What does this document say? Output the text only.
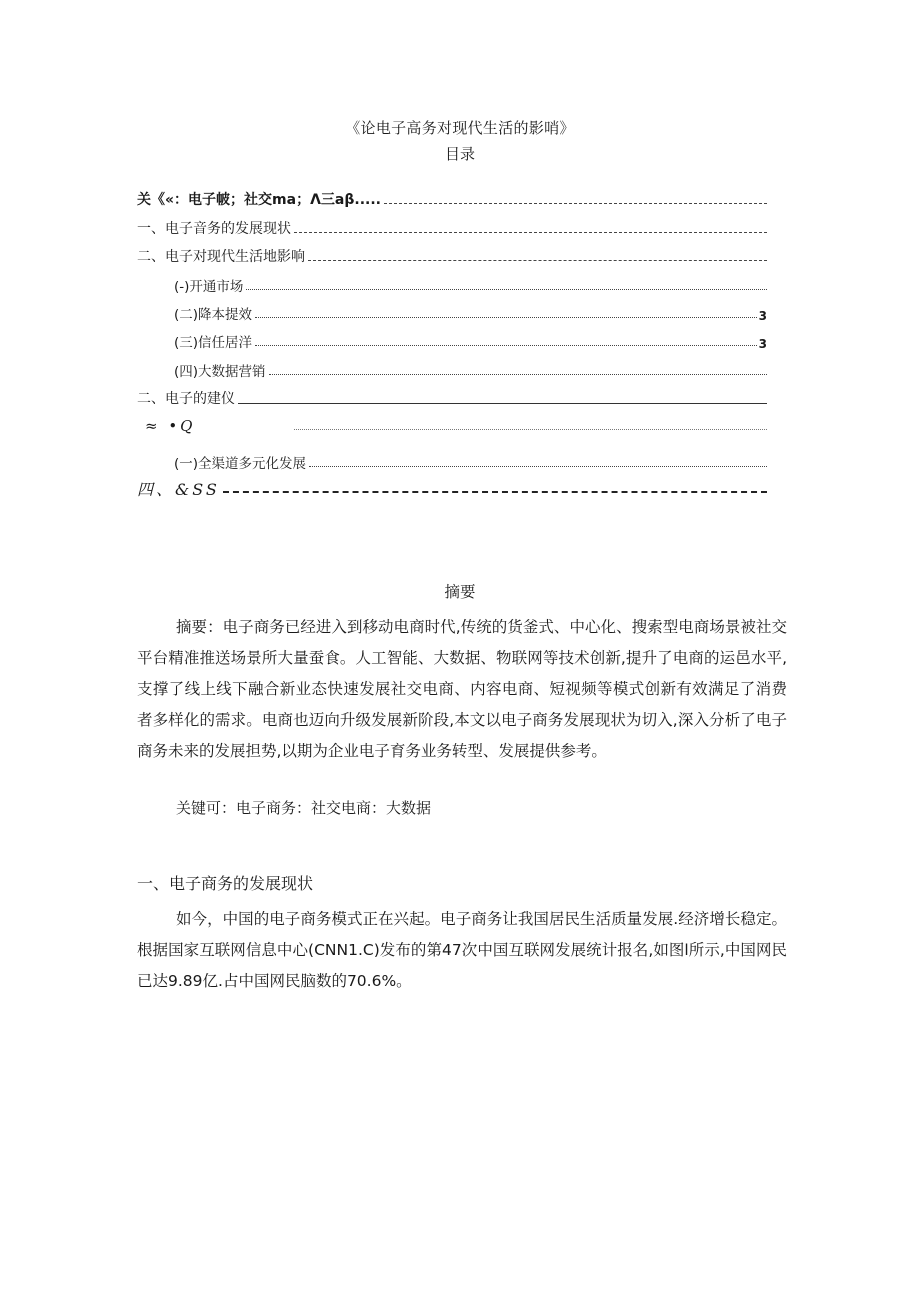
《论电子高务对现代生活的影哨》
目录
关《«：电子帔；社交ma；Λ三aβ.....
一、电子音务的发展现状
二、电子对现代生活地影响
(-)开通市场
(二)降本提效	3
(三)信任居洋	3
(四)大数据营销
二、电子的建仪
≈ •Q
(一)全渠道多元化发展
四、&SS
摘要

摘要：电子商务已经进入到移动电商时代,传统的货釜式、中心化、搜索型电商场景被社交平台精准推送场景所大量蚕食。人工智能、大数据、物联网等技术创新,提升了电商的运邑水平,支撑了线上线下融合新业态快速发展社交电商、内容电商、短视频等模式创新有效满足了消费者多样化的需求。电商也迈向升级发展新阶段,本文以电子商务发展现状为切入,深入分析了电子商务未来的发展担势,以期为企业电子育务业务转型、发展提供参考。

关键可：电子商务：社交电商：大数据
一、电子商务的发展现状

如今，中国的电子商务模式正在兴起。电子商务让我国居民生活质量发展.经济增长稳定。根据国家互联网信息中心(CNN1.C)发布的第47次中国互联网发展统计报名,如图l所示,中国网民已达9.89亿.占中国网民脑数的70.6%。
